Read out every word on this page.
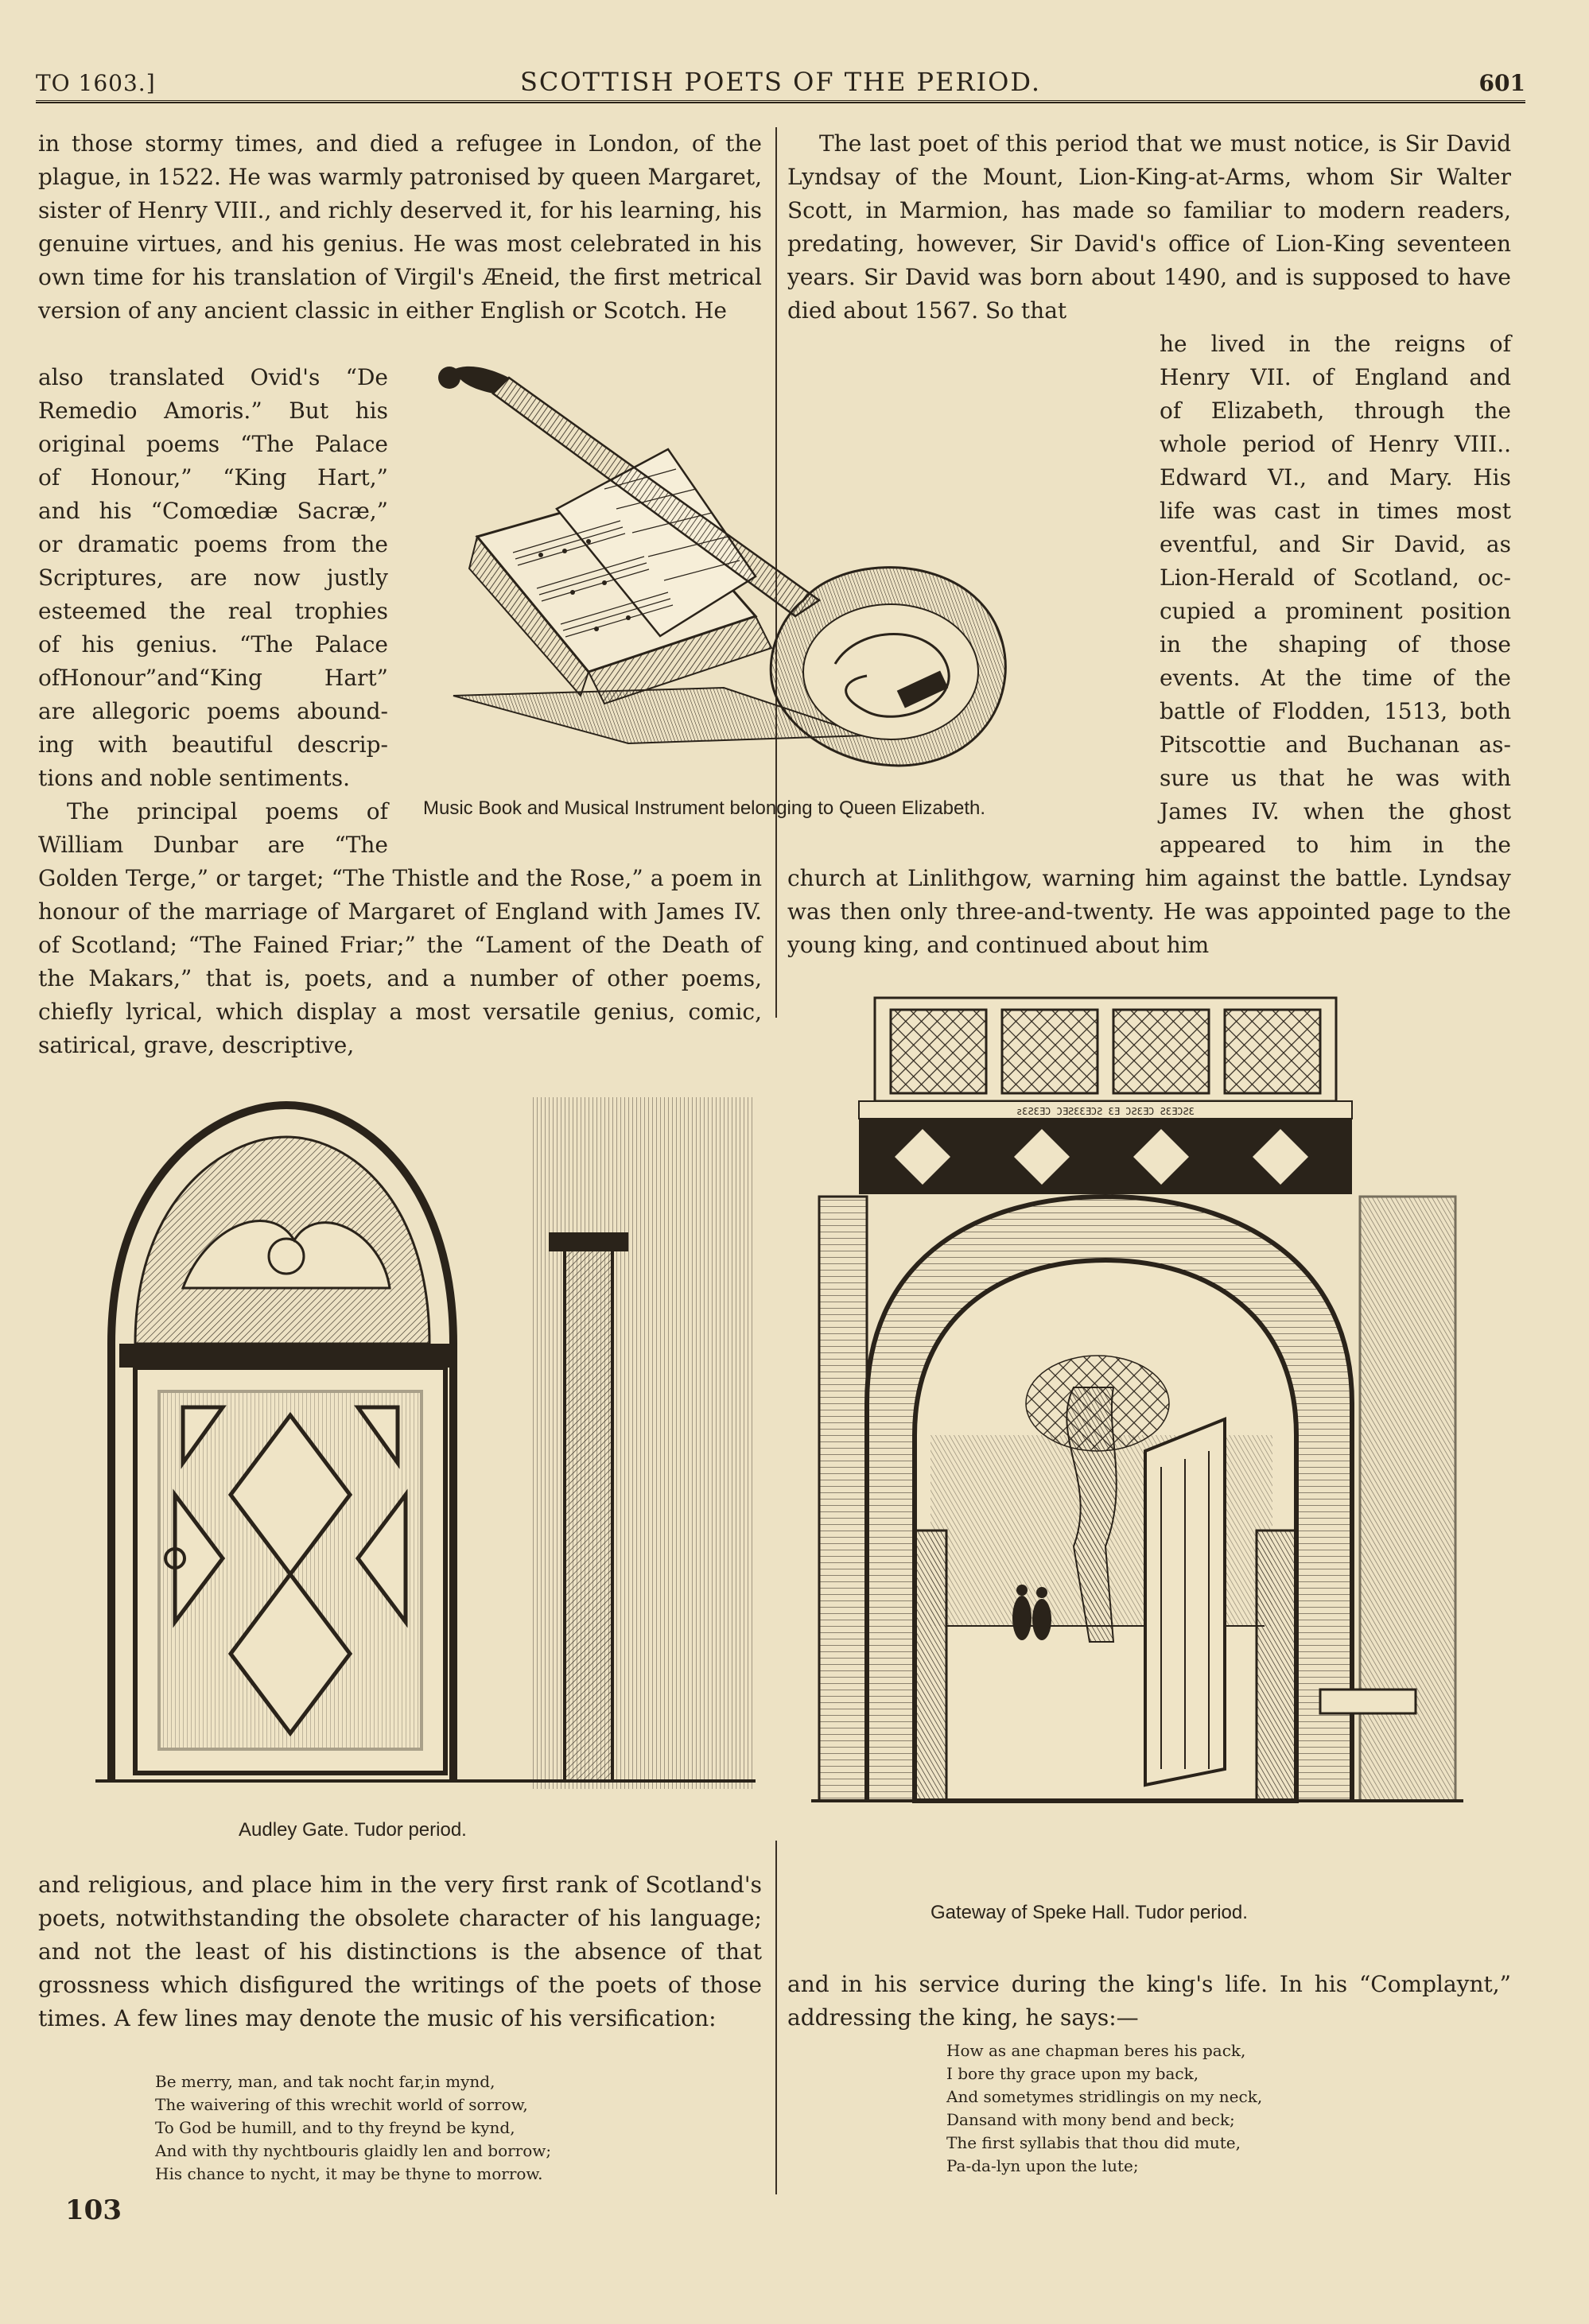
TO 1603.]	SCOTTISH POETS OF THE PERIOD.	601

in those stormy times, and died a refugee in London, of the plague, in 1522. He was warmly patronised by queen Margaret, sister of Henry VIII., and richly deserved it, for his learning, his genuine virtues, and his genius. He was most celebrated in his own time for his translation of Virgil's Æneid, the first metrical version of any ancient classic in either English or Scotch. He

also translated Ovid's “De
Remedio Amoris.” But his
original poems “The Palace
of Honour,” “King Hart,”
and his “Comœdiæ Sacræ,”
or dramatic poems from the
Scriptures, are now justly
esteemed the real trophies
of his genius. “The Palace
ofHonour”and“King Hart”
are allegoric poems abound-
ing with beautiful descrip-
tions and noble sentiments.
The principal poems of
William Dunbar are “The

Golden Terge,” or target; “The Thistle and the Rose,” a poem in honour of the marriage of Margaret of England with James IV. of Scotland; “The Fained Friar;” the “Lament of the Death of the Makars,” that is, poets, and a number of other poems, chiefly lyrical, which display a most versatile genius, comic, satirical, grave, descriptive,

The last poet of this period that we must notice, is Sir David Lyndsay of the Mount, Lion-King-at-Arms, whom Sir Walter Scott, in Marmion, has made so familiar to modern readers, predating, however, Sir David's office of Lion-King seventeen years. Sir David was born about 1490, and is supposed to have died about 1567. So that

he lived in the reigns of
Henry VII. of England and
of Elizabeth, through the
whole period of Henry VIII..
Edward VI., and Mary. His
life was cast in times most
eventful, and Sir David, as
Lion-Herald of Scotland, oc-
cupied a prominent position
in the shaping of those
events. At the time of the
battle of Flodden, 1513, both
Pitscottie and Buchanan as-
sure us that he was with
James IV. when the ghost
appeared to him in the

church at Linlithgow, warning him against the battle. Lyndsay was then only three-and-twenty. He was appointed page to the young king, and continued about him

Music Book and Musical Instrument belonging to Queen Elizabeth.
Audley Gate. Tudor period.
ƨƐƧƐƎƆ ƆƎƧƐƐƎƆƧ ƐƎ ƆƧƐƎƆ ƧƐƎƆƧƐ
Gateway of Speke Hall. Tudor period.

and religious, and place him in the very first rank of Scotland's poets, notwithstanding the obsolete character of his language; and not the least of his distinctions is the absence of that grossness which disfigured the writings of the poets of those times. A few lines may denote the music of his versification:

Be merry, man, and tak nocht far,in mynd,
The waivering of this wrechit world of sorrow,
To God be humill, and to thy freynd be kynd,
And with thy nychtbouris glaidly len and borrow;
His chance to nycht, it may be thyne to morrow.

and in his service during the king's life. In his “Complaynt,” addressing the king, he says:—

How as ane chapman beres his pack,
I bore thy grace upon my back,
And sometymes stridlingis on my neck,
Dansand with mony bend and beck;
The first syllabis that thou did mute,
Pa-da-lyn upon the lute;
103
